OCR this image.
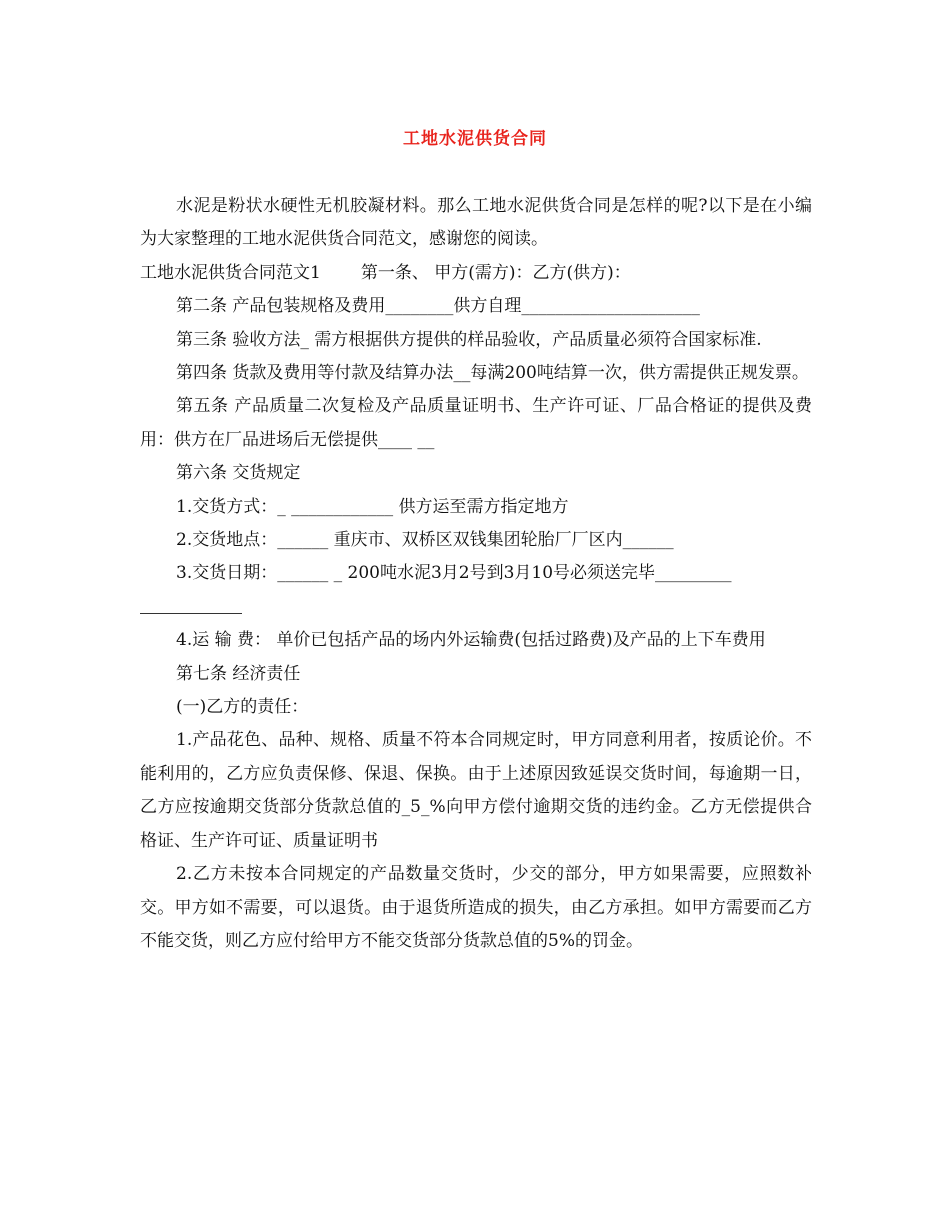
工地水泥供货合同

水泥是粉状水硬性无机胶凝材料。那么工地水泥供货合同是怎样的呢?以下是在小编为大家整理的工地水泥供货合同范文，感谢您的阅读。

工地水泥供货合同范文1 第一条、 甲方(需方)：乙方(供方)：

第二条 产品包装规格及费用________供方自理_____________________

第三条 验收方法_ 需方根据供方提供的样品验收，产品质量必须符合国家标准.

第四条 货款及费用等付款及结算办法__每满200吨结算一次，供方需提供正规发票。

第五条 产品质量二次复检及产品质量证明书、生产许可证、厂品合格证的提供及费用：供方在厂品进场后无偿提供____ __

第六条 交货规定

1.交货方式：_ ____________ 供方运至需方指定地方

2.交货地点：______ 重庆市、双桥区双钱集团轮胎厂厂区内______

3.交货日期：______ _ 200吨水泥3月2号到3月10号必须送完毕_________

4.运 输 费： 单价已包括产品的场内外运输费(包括过路费)及产品的上下车费用

第七条 经济责任

(一)乙方的责任：

1.产品花色、品种、规格、质量不符本合同规定时，甲方同意利用者，按质论价。不能利用的，乙方应负责保修、保退、保换。由于上述原因致延误交货时间，每逾期一日，乙方应按逾期交货部分货款总值的_5_%向甲方偿付逾期交货的违约金。乙方无偿提供合格证、生产许可证、质量证明书

2.乙方未按本合同规定的产品数量交货时，少交的部分，甲方如果需要，应照数补交。甲方如不需要，可以退货。由于退货所造成的损失，由乙方承担。如甲方需要而乙方不能交货，则乙方应付给甲方不能交货部分货款总值的5%的罚金。
